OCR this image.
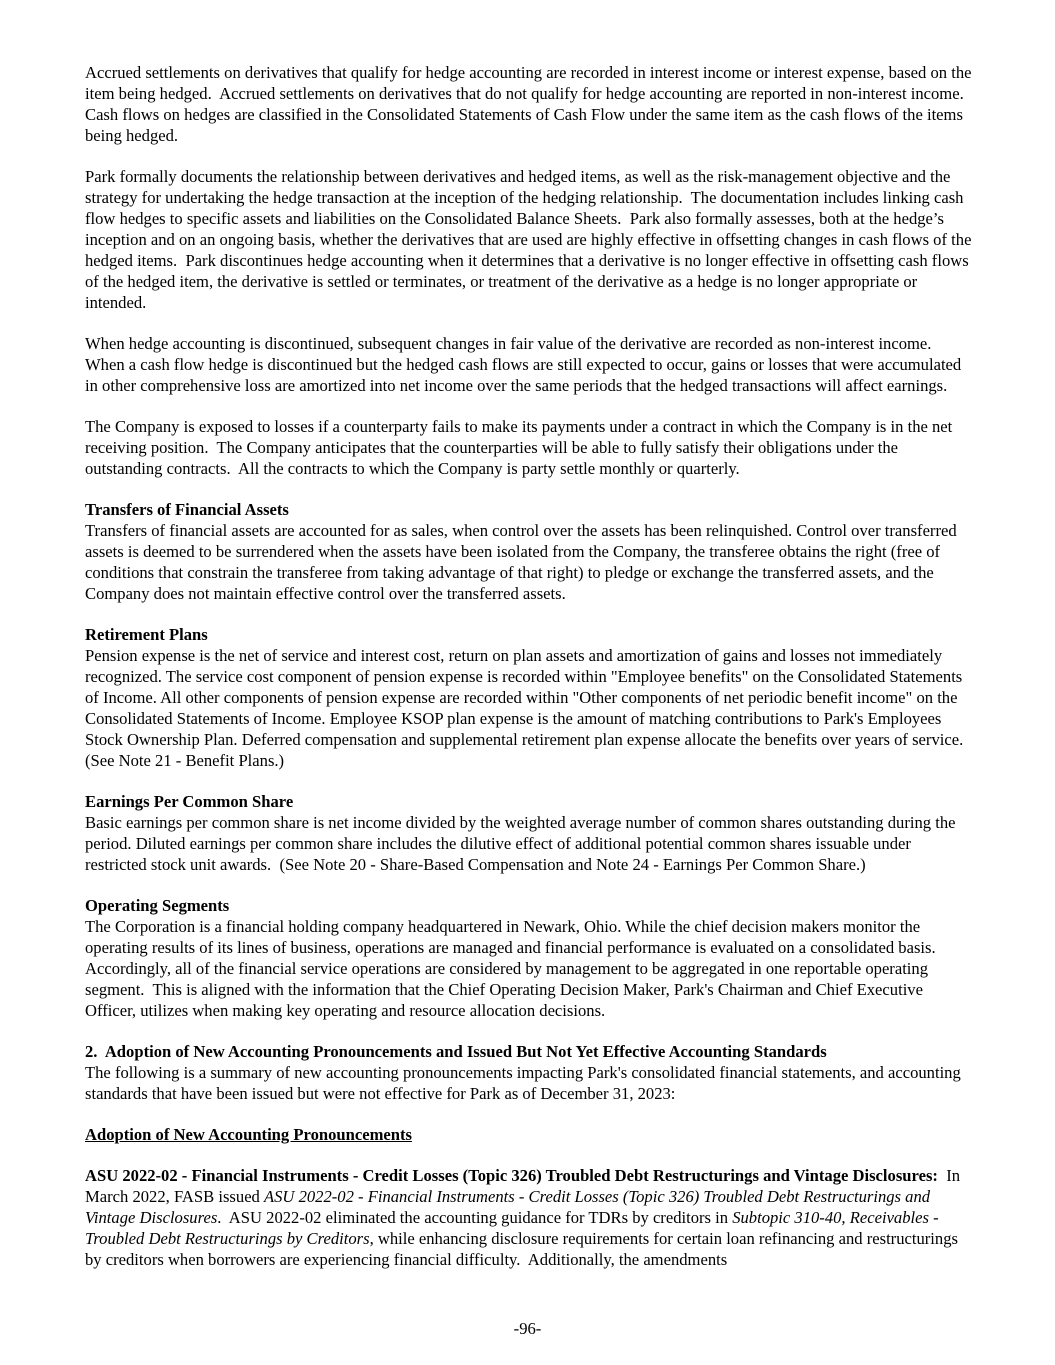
Accrued settlements on derivatives that qualify for hedge accounting are recorded in interest income or interest expense, based on the item being hedged.  Accrued settlements on derivatives that do not qualify for hedge accounting are reported in non-interest income.  Cash flows on hedges are classified in the Consolidated Statements of Cash Flow under the same item as the cash flows of the items being hedged.

Park formally documents the relationship between derivatives and hedged items, as well as the risk-management objective and the strategy for undertaking the hedge transaction at the inception of the hedging relationship.  The documentation includes linking cash flow hedges to specific assets and liabilities on the Consolidated Balance Sheets.  Park also formally assesses, both at the hedge’s inception and on an ongoing basis, whether the derivatives that are used are highly effective in offsetting changes in cash flows of the hedged items.  Park discontinues hedge accounting when it determines that a derivative is no longer effective in offsetting cash flows of the hedged item, the derivative is settled or terminates, or treatment of the derivative as a hedge is no longer appropriate or intended.

When hedge accounting is discontinued, subsequent changes in fair value of the derivative are recorded as non-interest income.  When a cash flow hedge is discontinued but the hedged cash flows are still expected to occur, gains or losses that were accumulated in other comprehensive loss are amortized into net income over the same periods that the hedged transactions will affect earnings.

The Company is exposed to losses if a counterparty fails to make its payments under a contract in which the Company is in the net receiving position.  The Company anticipates that the counterparties will be able to fully satisfy their obligations under the outstanding contracts.  All the contracts to which the Company is party settle monthly or quarterly.

Transfers of Financial Assets

Transfers of financial assets are accounted for as sales, when control over the assets has been relinquished. Control over transferred assets is deemed to be surrendered when the assets have been isolated from the Company, the transferee obtains the right (free of conditions that constrain the transferee from taking advantage of that right) to pledge or exchange the transferred assets, and the Company does not maintain effective control over the transferred assets.

Retirement Plans

Pension expense is the net of service and interest cost, return on plan assets and amortization of gains and losses not immediately recognized. The service cost component of pension expense is recorded within "Employee benefits" on the Consolidated Statements of Income. All other components of pension expense are recorded within "Other components of net periodic benefit income" on the Consolidated Statements of Income. Employee KSOP plan expense is the amount of matching contributions to Park's Employees Stock Ownership Plan. Deferred compensation and supplemental retirement plan expense allocate the benefits over years of service. (See Note 21 - Benefit Plans.)

Earnings Per Common Share

Basic earnings per common share is net income divided by the weighted average number of common shares outstanding during the period. Diluted earnings per common share includes the dilutive effect of additional potential common shares issuable under restricted stock unit awards.  (See Note 20 - Share-Based Compensation and Note 24 - Earnings Per Common Share.)

Operating Segments

The Corporation is a financial holding company headquartered in Newark, Ohio. While the chief decision makers monitor the operating results of its lines of business, operations are managed and financial performance is evaluated on a consolidated basis. Accordingly, all of the financial service operations are considered by management to be aggregated in one reportable operating segment.  This is aligned with the information that the Chief Operating Decision Maker, Park's Chairman and Chief Executive Officer, utilizes when making key operating and resource allocation decisions.

2.  Adoption of New Accounting Pronouncements and Issued But Not Yet Effective Accounting Standards

The following is a summary of new accounting pronouncements impacting Park's consolidated financial statements, and accounting standards that have been issued but were not effective for Park as of December 31, 2023:

Adoption of New Accounting Pronouncements

ASU 2022-02 - Financial Instruments - Credit Losses (Topic 326) Troubled Debt Restructurings and Vintage Disclosures:  In March 2022, FASB issued ASU 2022-02 - Financial Instruments - Credit Losses (Topic 326) Troubled Debt Restructurings and Vintage Disclosures.  ASU 2022-02 eliminated the accounting guidance for TDRs by creditors in Subtopic 310-40, Receivables - Troubled Debt Restructurings by Creditors, while enhancing disclosure requirements for certain loan refinancing and restructurings by creditors when borrowers are experiencing financial difficulty.  Additionally, the amendments

-96-
